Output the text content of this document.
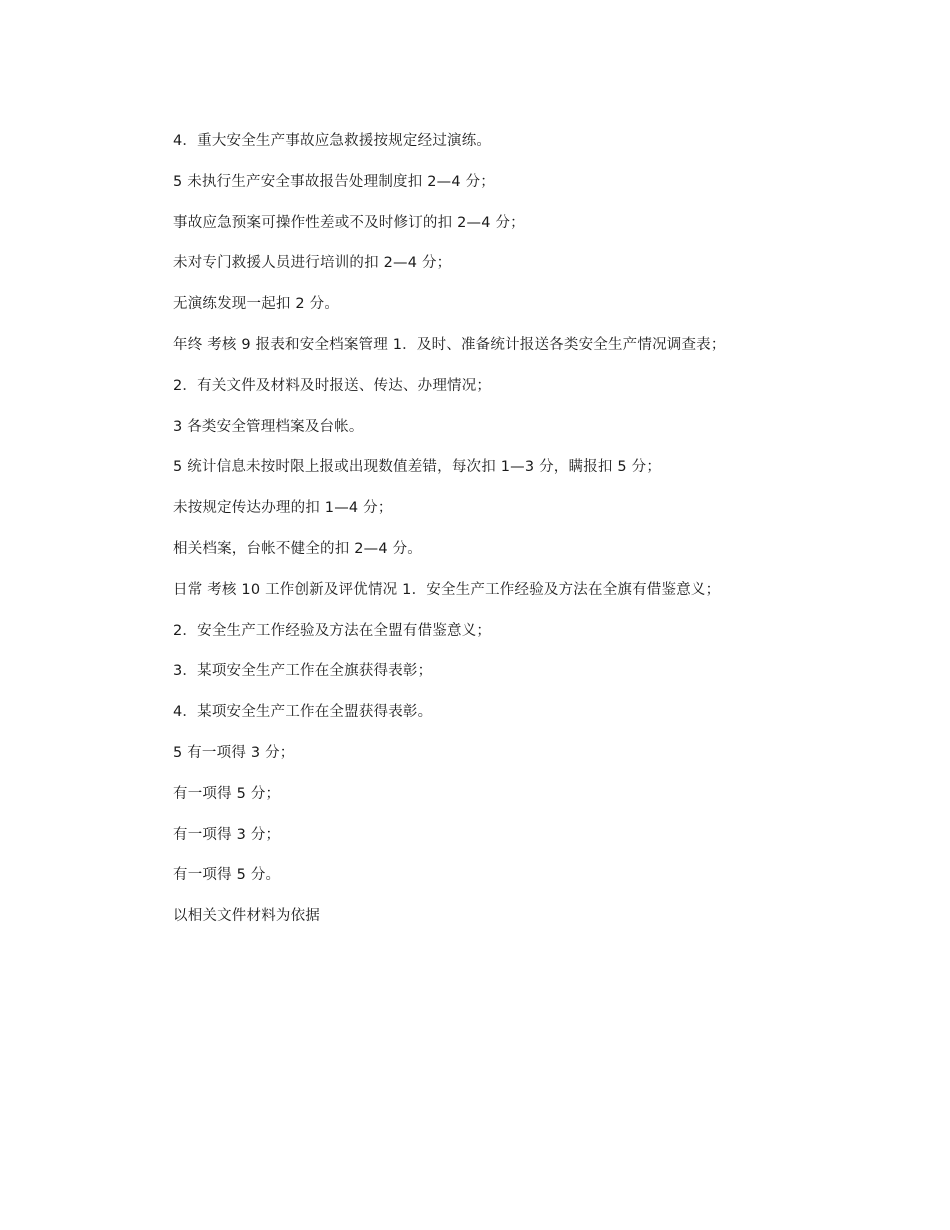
4．重大安全生产事故应急救援按规定经过演练。

5 未执行生产安全事故报告处理制度扣 2—4 分；

事故应急预案可操作性差或不及时修订的扣 2—4 分；

未对专门救援人员进行培训的扣 2—4 分；

无演练发现一起扣 2 分。

年终 考核 9 报表和安全档案管理 1．及时、准备统计报送各类安全生产情况调查表；

2．有关文件及材料及时报送、传达、办理情况；

3 各类安全管理档案及台帐。

5 统计信息未按时限上报或出现数值差错，每次扣 1—3 分，瞒报扣 5 分；

未按规定传达办理的扣 1—4 分；

相关档案，台帐不健全的扣 2—4 分。

日常 考核 10 工作创新及评优情况 1．安全生产工作经验及方法在全旗有借鉴意义；

2．安全生产工作经验及方法在全盟有借鉴意义；

3．某项安全生产工作在全旗获得表彰；

4．某项安全生产工作在全盟获得表彰。

5 有一项得 3 分；

有一项得 5 分；

有一项得 3 分；

有一项得 5 分。

以相关文件材料为依据
